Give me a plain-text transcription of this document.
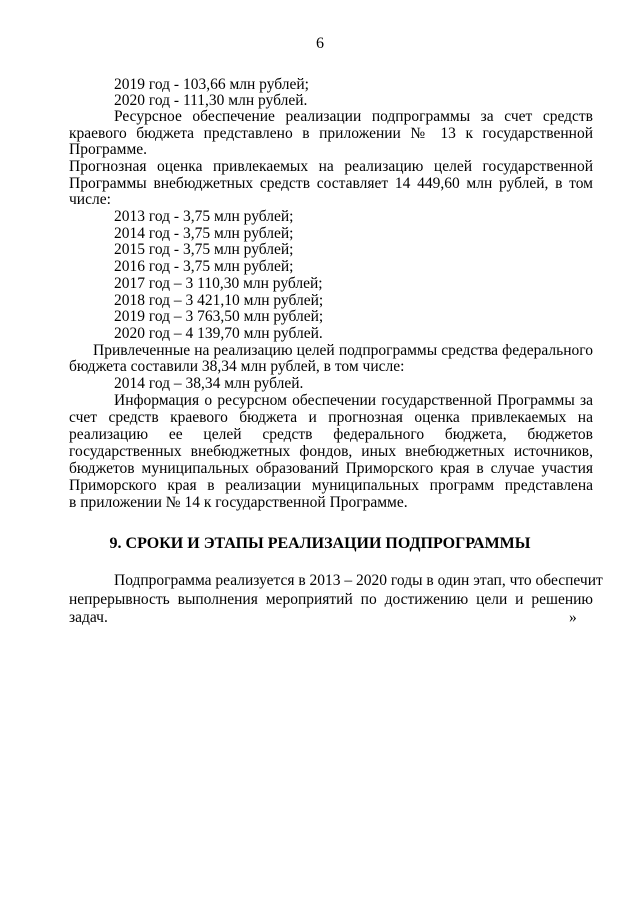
6
2019 год - 103,66 млн рублей;
2020 год - 111,30 млн рублей.
Ресурсное обеспечение реализации подпрограммы за счет средств
краевого бюджета представлено в приложении № 13 к государственной
Программе.
Прогнозная оценка привлекаемых на реализацию целей государственной
Программы внебюджетных средств составляет 14 449,60 млн рублей, в том
числе:
2013 год - 3,75 млн рублей;
2014 год - 3,75 млн рублей;
2015 год - 3,75 млн рублей;
2016 год - 3,75 млн рублей;
2017 год – 3 110,30 млн рублей;
2018 год – 3 421,10 млн рублей;
2019 год – 3 763,50 млн рублей;
2020 год – 4 139,70 млн рублей.
Привлеченные на реализацию целей подпрограммы средства федерального
бюджета составили 38,34 млн рублей, в том числе:
2014 год – 38,34 млн рублей.
Информация о ресурсном обеспечении государственной Программы за
счет средств краевого бюджета и прогнозная оценка привлекаемых на
реализацию ее целей средств федерального бюджета, бюджетов
государственных внебюджетных фондов, иных внебюджетных источников,
бюджетов муниципальных образований Приморского края в случае участия
Приморского края в реализации муниципальных программ представлена
в приложении № 14 к государственной Программе.
9. СРОКИ И ЭТАПЫ РЕАЛИЗАЦИИ ПОДПРОГРАММЫ
Подпрограмма реализуется в 2013 – 2020 годы в один этап, что обеспечит
непрерывность выполнения мероприятий по достижению цели и решению
задач.	»
